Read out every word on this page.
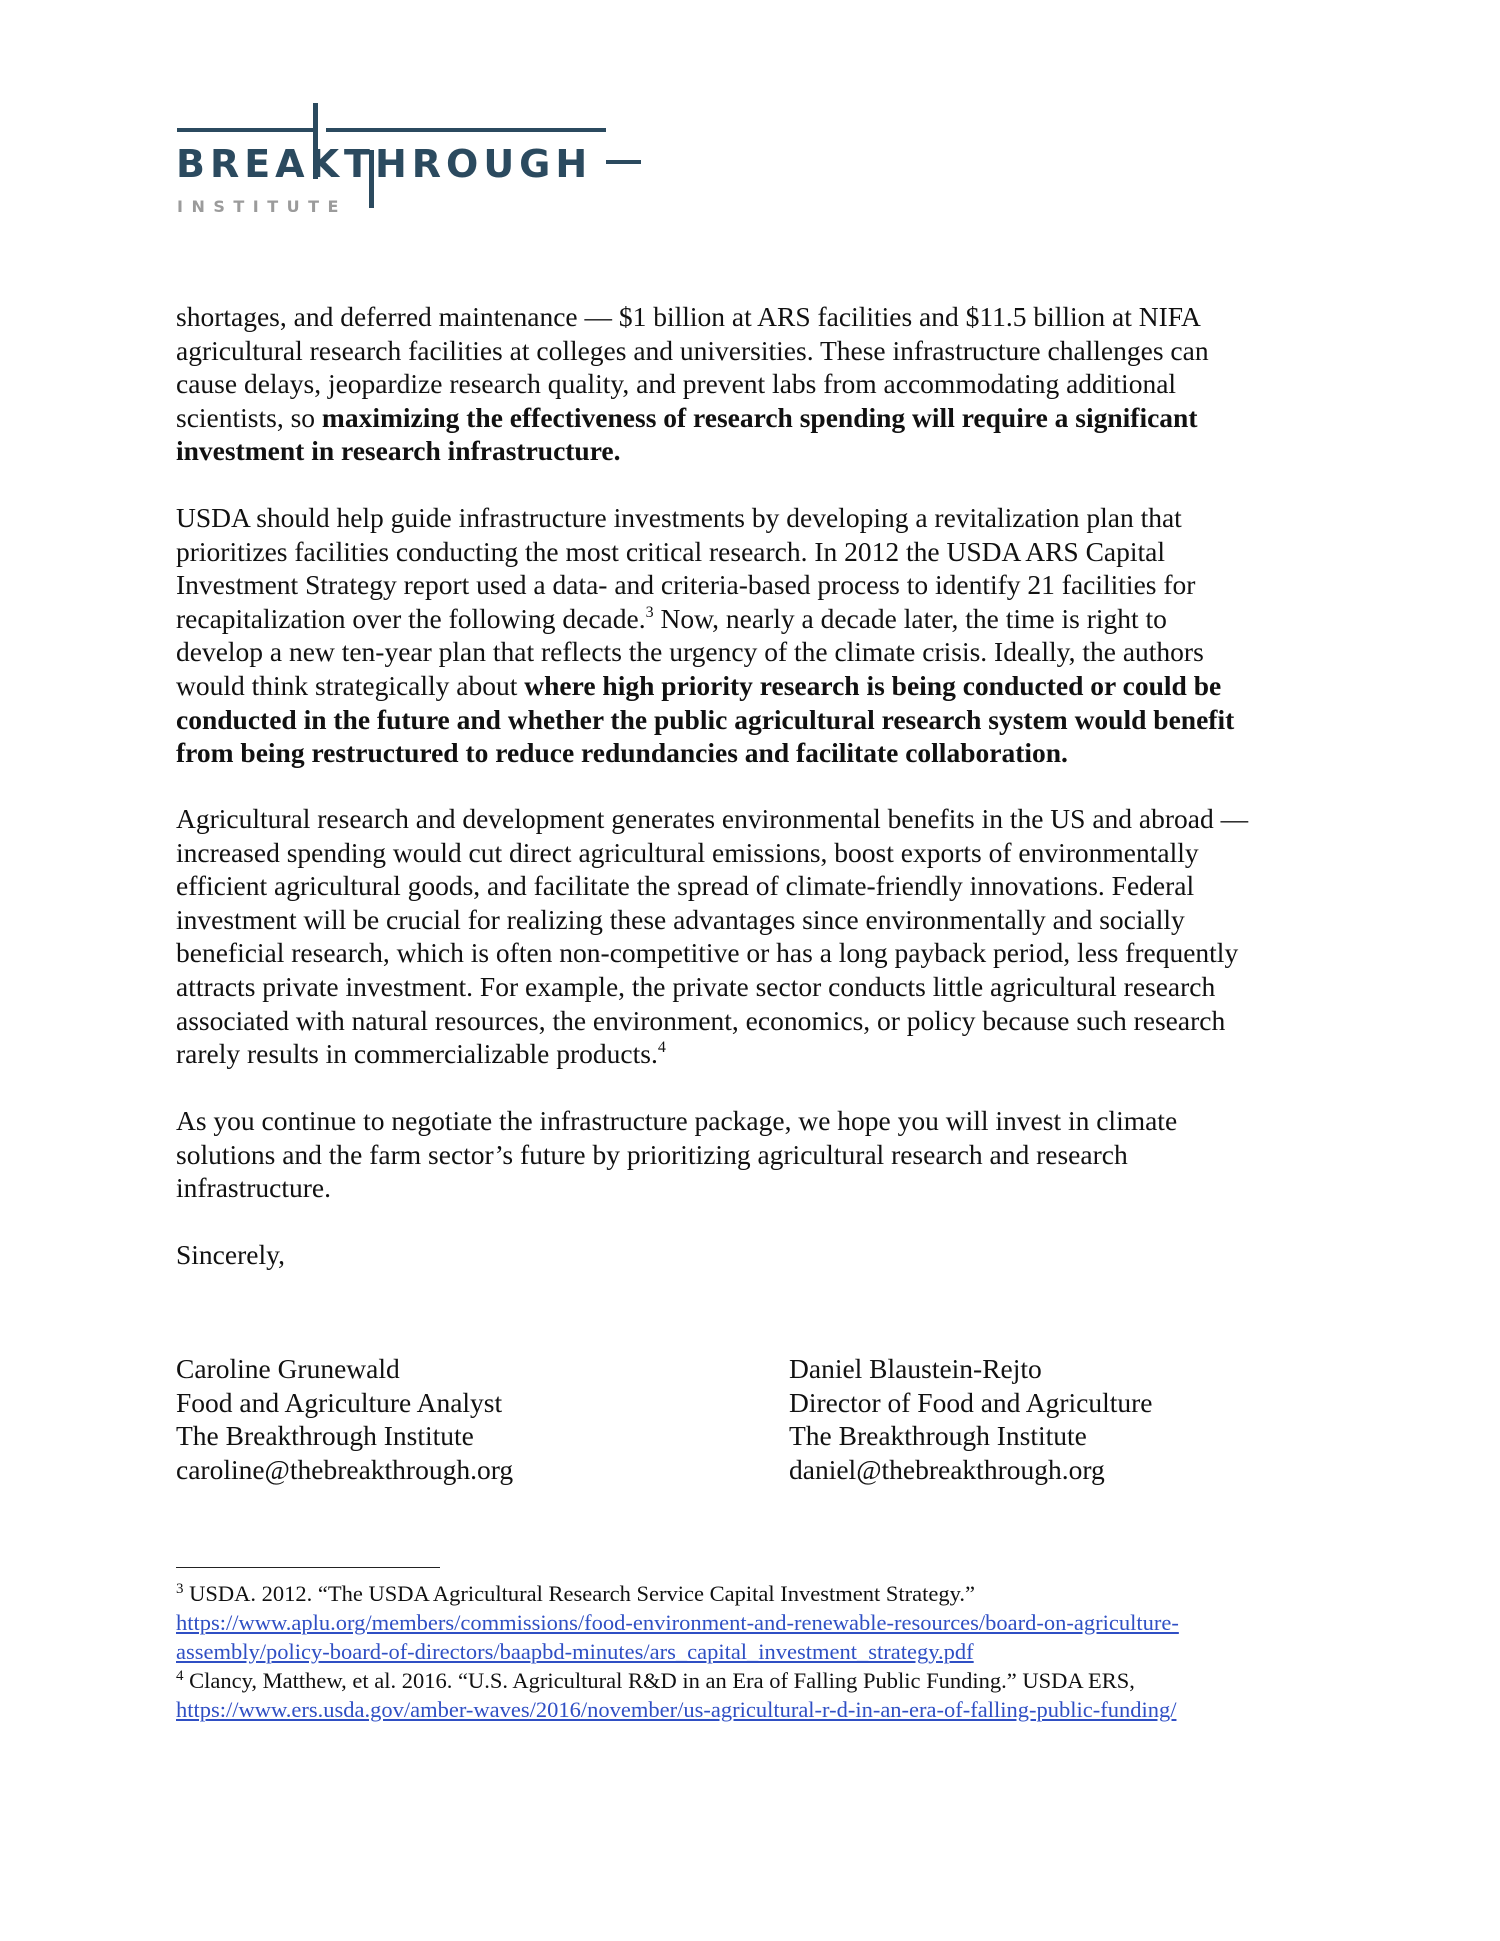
BREAKTHROUGH
INSTITUTE
shortages, and deferred maintenance — $1 billion at ARS facilities and $11.5 billion at NIFA
agricultural research facilities at colleges and universities. These infrastructure challenges can
cause delays, jeopardize research quality, and prevent labs from accommodating additional
scientists, so maximizing the effectiveness of research spending will require a significant
investment in research infrastructure.
USDA should help guide infrastructure investments by developing a revitalization plan that
prioritizes facilities conducting the most critical research. In 2012 the USDA ARS Capital
Investment Strategy report used a data- and criteria-based process to identify 21 facilities for
recapitalization over the following decade.$^3$ Now, nearly a decade later, the time is right to
develop a new ten-year plan that reflects the urgency of the climate crisis. Ideally, the authors
would think strategically about where high priority research is being conducted or could be
conducted in the future and whether the public agricultural research system would benefit
from being restructured to reduce redundancies and facilitate collaboration.
Agricultural research and development generates environmental benefits in the US and abroad —
increased spending would cut direct agricultural emissions, boost exports of environmentally
efficient agricultural goods, and facilitate the spread of climate-friendly innovations. Federal
investment will be crucial for realizing these advantages since environmentally and socially
beneficial research, which is often non-competitive or has a long payback period, less frequently
attracts private investment. For example, the private sector conducts little agricultural research
associated with natural resources, the environment, economics, or policy because such research
rarely results in commercializable products.$^4$
As you continue to negotiate the infrastructure package, we hope you will invest in climate
solutions and the farm sector’s future by prioritizing agricultural research and research
infrastructure.
Sincerely,
Caroline Grunewald
Food and Agriculture Analyst
The Breakthrough Institute
caroline@thebreakthrough.org
Daniel Blaustein-Rejto
Director of Food and Agriculture
The Breakthrough Institute
daniel@thebreakthrough.org
$^3$ USDA. 2012. “The USDA Agricultural Research Service Capital Investment Strategy.”
https://www.aplu.org/members/commissions/food-environment-and-renewable-resources/board-on-agriculture-
assembly/policy-board-of-directors/baapbd-minutes/ars_capital_investment_strategy.pdf
$^4$ Clancy, Matthew, et al. 2016. “U.S. Agricultural R&D in an Era of Falling Public Funding.” USDA ERS,
https://www.ers.usda.gov/amber-waves/2016/november/us-agricultural-r-d-in-an-era-of-falling-public-funding/
